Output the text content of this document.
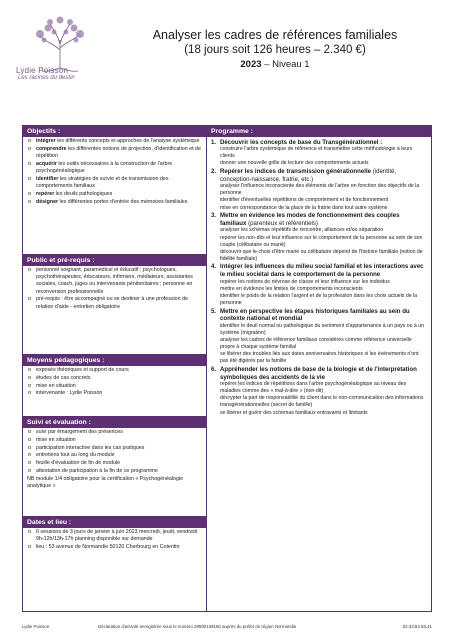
Lydie Poisson
Les racines du destin
Analyser les cadres de références familiales
(18 jours soit 126 heures – 2.340 €)
2023 – Niveau 1
Objectifs :
o intégrer les différents concepts et approches de l'analyse systémique
o comprendre les différentes notions de projection, d'identification et de répétition
o acquérir les outils nécessaires à la construction de l'arbre psychogénéalogique
o identifier les stratégies de survie et de transmission des comportements familiaux
o repérer les deuils pathologiques
o désigner les différentes portes d'entrée des mémoires familiales
Public et pré-requis :
o personnel soignant, paramédical et éducatif ; psychologues, psychothérapeutes, éducateurs, infirmiers, médiateurs, assistantes sociales, coach, juges ou intervenants pénitentiaires ; personne en reconversion professionnelle
o pré-requis : être accompagné ou se destiner à une profession de relation d'aide - entretien obligatoire
Moyens pédagogiques :
o exposés théoriques et support de cours
o études de cas concrets
o mise en situation
o intervenante : Lydie Poisson
Suivi et évaluation :
o suivi par émargement des présences
o mise en situation
o participation interactive dans les cas pratiques
o entretiens tout au long du module
o feuille d'évaluation de fin de module
o attestation de participation à la fin de ce programme
NB module 1/4 obligatoire pour la certification « Psychogénéalogie analytique »
Dates et lieu :
o 6 sessions de 3 jours de janvier à juin 2023 mercredi, jeudi, vendredi 9h-12h/13h-17h planning disponible sur demande
o lieu : 53 avenue de Normandie 50120 Cherbourg en Cotentin
Programme :
1. Découvrir les concepts de base du Transgénérationnel :
construire l'arbre systémique de référence et transmettre cette méthodologie à leurs clients
donner une nouvelle grille de lecture des comportements actuels
2. Repérer les indices de transmission générationnelle (identité, conception-naissance, fratrie, etc.)
analyser l'influence inconsciente des éléments de l'arbre en fonction des objectifs de la personne
identifier d'éventuelles répétitions de comportement et de fonctionnement
mise en correspondance de la place de la fratrie dans tout autre système
3. Mettre en évidence les modes de fonctionnement des couples familiaux (parenteux et référentiels)
analyser les schémas répétitifs de rencontre, alliances et/ou séparation
repérer les non-dits et leur influence sur le comportement de la personne au sein de son couple (célibataire ou marié)
découvrir que le choix d'être marié ou célibataire dépend de l'histoire familiale (notion de fidélité familiale)
4. Intégrer les influences du milieu social familial et les interactions avec le milieu sociétal dans le comportement de la personne
repérer les notions de névrose de classe et leur influence sur les individus
mettre en évidence les limites de comportements inconscients
identifier le poids de la relation l'argent et de la profession dans les choix actuels de la personne
5. Mettre en perspective les étapes historiques familiales au sein du contexte national et mondial
identifier le deuil normal ou pathologique du sentiment d'appartenance à un pays ou à un système (migration)
analyser les cadres de référence familiaux considérés comme référence universelle propre à chaque système familial
se libérer des troubles liés aux dates anniversaires historiques si les événements n'ont pas été digérés par la famille
6. Appréhender les notions de base de la biologie et de l'interprétation symboliques des accidents de la vie
repérer les indices de répétitions dans l'arbre psychogénéalogique au niveau des maladies comme des « mal-à-dire » (non-dit)
décrypter la part de responsabilité du client dans le non-communication des informations transgénérationnelles (secret de famille)
se libérer et guérir des schémas familiaux entravants et limitants
Lydie Poisson	Déclaration d'activité enregistrée sous le numéro 28500138150 auprès du préfet de région Normandie	02.33.54.56.41
